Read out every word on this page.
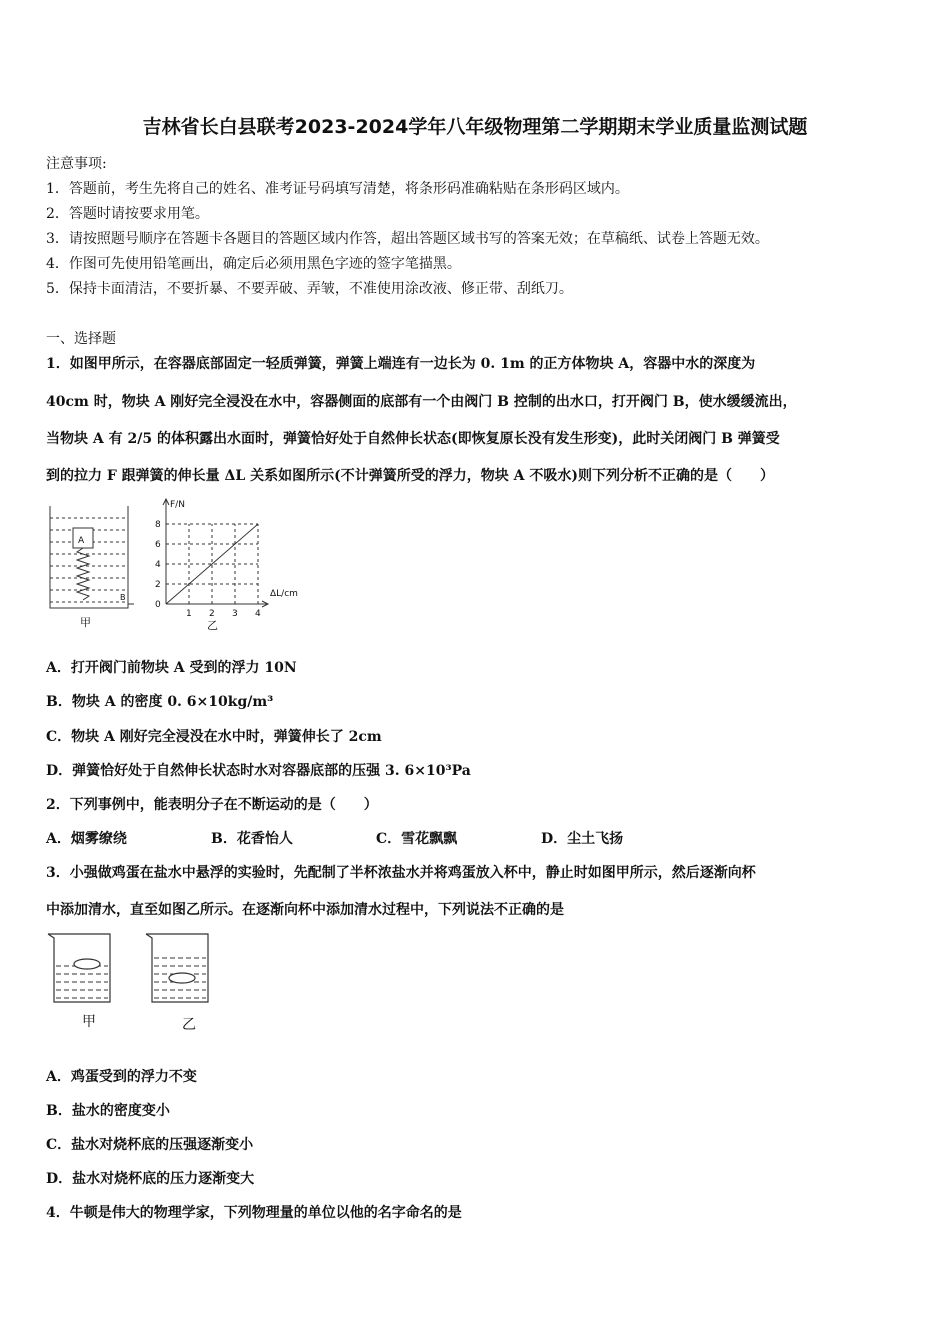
吉林省长白县联考2023-2024学年八年级物理第二学期期末学业质量监测试题
注意事项:
1．答题前，考生先将自己的姓名、准考证号码填写清楚，将条形码准确粘贴在条形码区域内。
2．答题时请按要求用笔。
3．请按照题号顺序在答题卡各题目的答题区域内作答，超出答题区域书写的答案无效；在草稿纸、试卷上答题无效。
4．作图可先使用铅笔画出，确定后必须用黑色字迹的签字笔描黑。
5．保持卡面清洁，不要折暴、不要弄破、弄皱，不准使用涂改液、修正带、刮纸刀。
一、选择题
1．如图甲所示，在容器底部固定一轻质弹簧，弹簧上端连有一边长为 0. 1m 的正方体物块 A，容器中水的深度为
40cm 时，物块 A 刚好完全浸没在水中，容器侧面的底部有一个由阀门 B 控制的出水口，打开阀门 B，使水缓缓流出，
当物块 A 有 2/5 的体积露出水面时，弹簧恰好处于自然伸长状态(即恢复原长没有发生形变)，此时关闭阀门 B 弹簧受
到的拉力 F 跟弹簧的伸长量 ΔL 关系如图所示(不计弹簧所受的浮力，物块 A 不吸水)则下列分析不正确的是（　　）
A
B
甲
F/N
ΔL/cm
8
6
4
2
0
1 2 3 4
乙
A．打开阀门前物块 A 受到的浮力 10N
B．物块 A 的密度 0. 6×10kg/m³
C．物块 A 刚好完全浸没在水中时，弹簧伸长了 2cm
D．弹簧恰好处于自然伸长状态时水对容器底部的压强 3. 6×10³Pa
2．下列事例中，能表明分子在不断运动的是（　　）
A．烟雾缭绕	B．花香怡人	C．雪花飘飘	D．尘土飞扬
3．小强做鸡蛋在盐水中悬浮的实验时，先配制了半杯浓盐水并将鸡蛋放入杯中，静止时如图甲所示，然后逐渐向杯
中添加清水，直至如图乙所示。在逐渐向杯中添加清水过程中，下列说法不正确的是
甲	乙
A．鸡蛋受到的浮力不变
B．盐水的密度变小
C．盐水对烧杯底的压强逐渐变小
D．盐水对烧杯底的压力逐渐变大
4．牛顿是伟大的物理学家，下列物理量的单位以他的名字命名的是
